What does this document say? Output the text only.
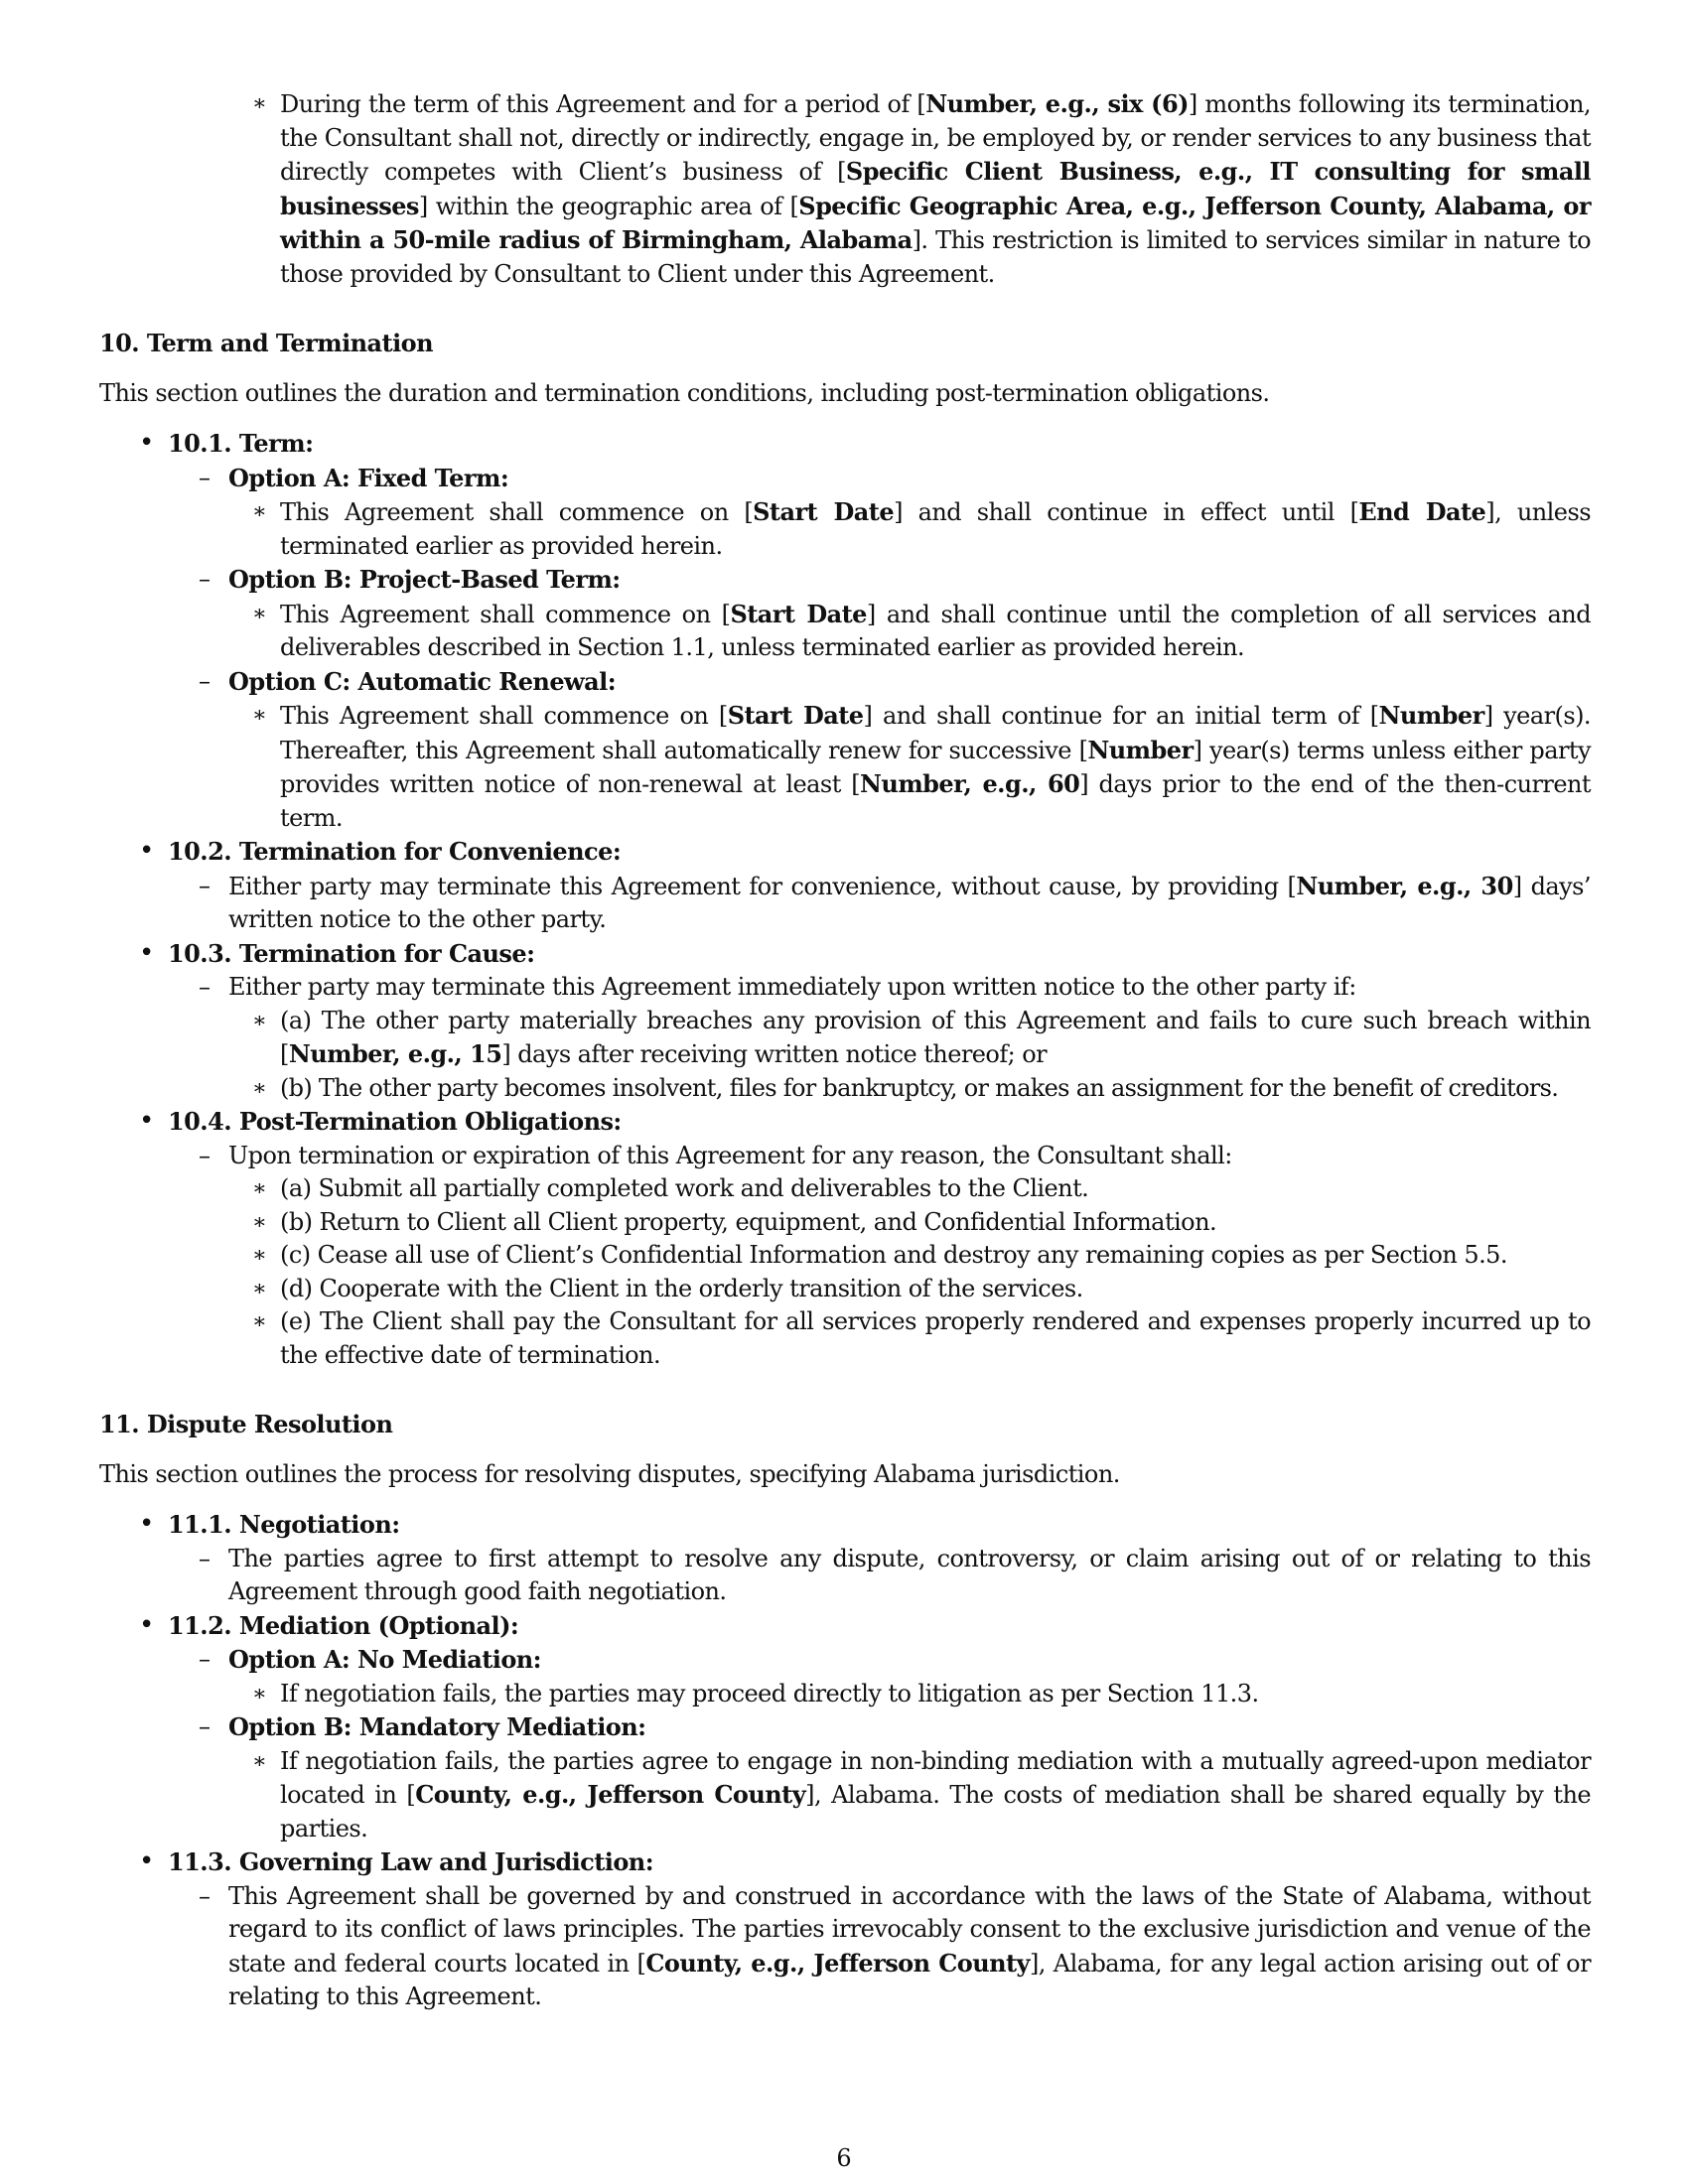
∗ During the term of this Agreement and for a period of [Number, e.g., six (6)] months following its termination, the Consultant shall not, directly or indirectly, engage in, be employed by, or render services to any business that directly competes with Client’s business of [Specific Client Business, e.g., IT consulting for small businesses] within the geographic area of [Specific Geographic Area, e.g., Jefferson County, Alabama, or within a 50-mile radius of Birmingham, Alabama]. This restriction is limited to services similar in nature to those provided by Consultant to Client under this Agreement.

10. Term and Termination

This section outlines the duration and termination conditions, including post-termination obligations.

• 10.1. Term:
– Option A: Fixed Term:
∗ This Agreement shall commence on [Start Date] and shall continue in effect until [End Date], unless terminated earlier as provided herein.
– Option B: Project-Based Term:
∗ This Agreement shall commence on [Start Date] and shall continue until the completion of all services and deliverables described in Section 1.1, unless terminated earlier as provided herein.
– Option C: Automatic Renewal:
∗ This Agreement shall commence on [Start Date] and shall continue for an initial term of [Number] year(s). Thereafter, this Agreement shall automatically renew for successive [Number] year(s) terms unless either party provides written notice of non-renewal at least [Number, e.g., 60] days prior to the end of the then-current term.
• 10.2. Termination for Convenience:
– Either party may terminate this Agreement for convenience, without cause, by providing [Number, e.g., 30] days’ written notice to the other party.
• 10.3. Termination for Cause:
– Either party may terminate this Agreement immediately upon written notice to the other party if:
∗ (a) The other party materially breaches any provision of this Agreement and fails to cure such breach within [Number, e.g., 15] days after receiving written notice thereof; or
∗ (b) The other party becomes insolvent, files for bankruptcy, or makes an assignment for the benefit of creditors.
• 10.4. Post-Termination Obligations:
– Upon termination or expiration of this Agreement for any reason, the Consultant shall:
∗ (a) Submit all partially completed work and deliverables to the Client.
∗ (b) Return to Client all Client property, equipment, and Confidential Information.
∗ (c) Cease all use of Client’s Confidential Information and destroy any remaining copies as per Section 5.5.
∗ (d) Cooperate with the Client in the orderly transition of the services.
∗ (e) The Client shall pay the Consultant for all services properly rendered and expenses properly incurred up to the effective date of termination.

11. Dispute Resolution

This section outlines the process for resolving disputes, specifying Alabama jurisdiction.

• 11.1. Negotiation:
– The parties agree to first attempt to resolve any dispute, controversy, or claim arising out of or relating to this Agreement through good faith negotiation.
• 11.2. Mediation (Optional):
– Option A: No Mediation:
∗ If negotiation fails, the parties may proceed directly to litigation as per Section 11.3.
– Option B: Mandatory Mediation:
∗ If negotiation fails, the parties agree to engage in non-binding mediation with a mutually agreed-upon mediator located in [County, e.g., Jefferson County], Alabama. The costs of mediation shall be shared equally by the parties.
• 11.3. Governing Law and Jurisdiction:
– This Agreement shall be governed by and construed in accordance with the laws of the State of Alabama, without regard to its conflict of laws principles. The parties irrevocably consent to the exclusive jurisdiction and venue of the state and federal courts located in [County, e.g., Jefferson County], Alabama, for any legal action arising out of or relating to this Agreement.
6
